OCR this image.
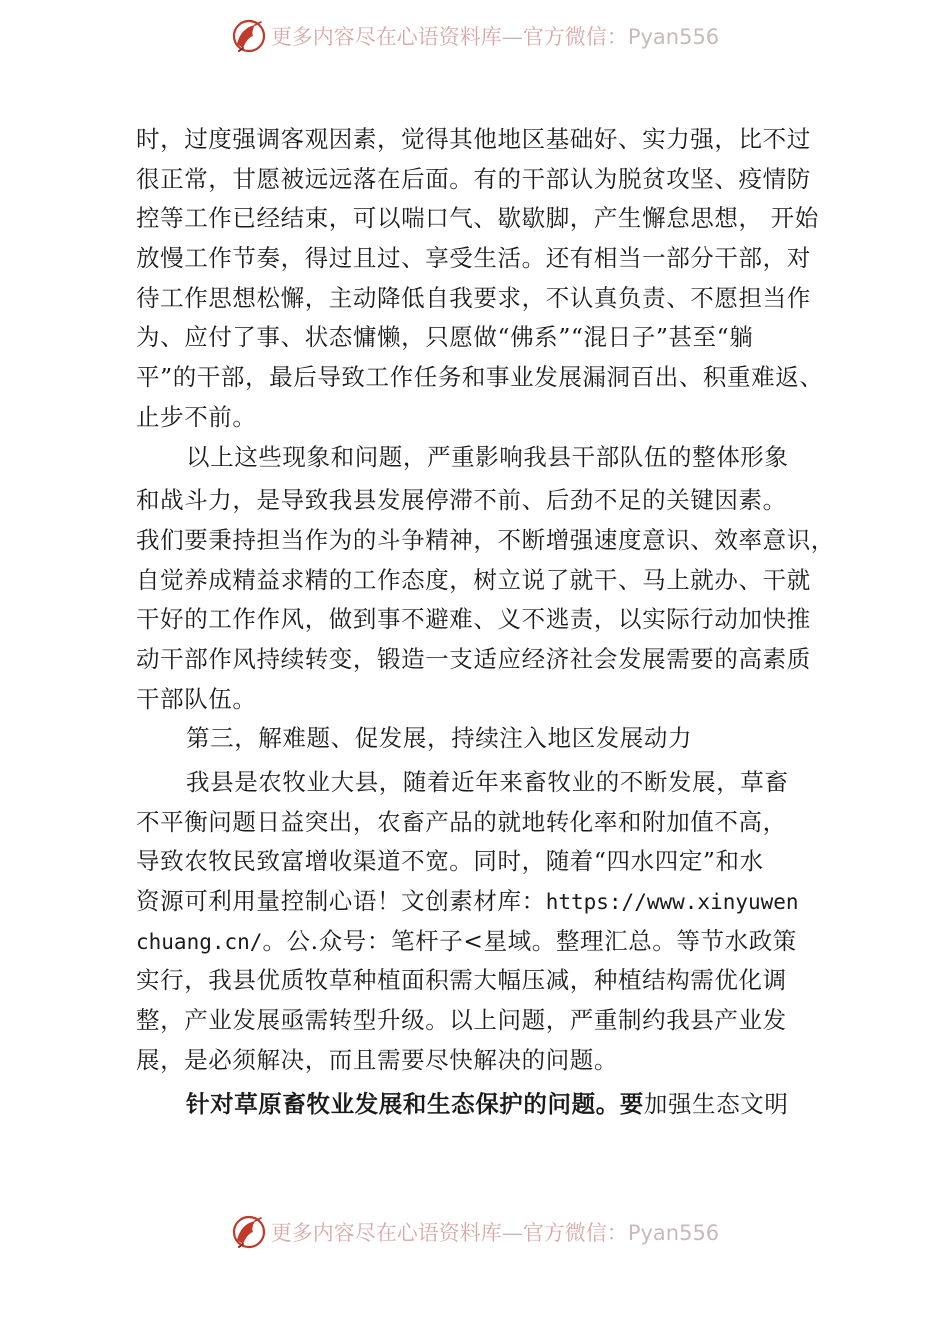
更多内容尽在心语资料库—官方微信：Pyan556
时，过度强调客观因素，觉得其他地区基础好、实力强，比不过
很正常，甘愿被远远落在后面。有的干部认为脱贫攻坚、疫情防
控等工作已经结束，可以喘口气、歇歇脚，产生懈怠思想， 开始
放慢工作节奏，得过且过、享受生活。还有相当一部分干部，对
待工作思想松懈，主动降低自我要求，不认真负责、不愿担当作
为、应付了事、状态慵懒，只愿做“佛系”“混日子”甚至“躺
平”的干部，最后导致工作任务和事业发展漏洞百出、积重难返、
止步不前。
以上这些现象和问题，严重影响我县干部队伍的整体形象
和战斗力，是导致我县发展停滞不前、后劲不足的关键因素。
我们要秉持担当作为的斗争精神，不断增强速度意识、效率意识，
自觉养成精益求精的工作态度，树立说了就干、马上就办、干就
干好的工作作风，做到事不避难、义不逃责，以实际行动加快推
动干部作风持续转变，锻造一支适应经济社会发展需要的高素质
干部队伍。
第三，解难题、促发展，持续注入地区发展动力
我县是农牧业大县，随着近年来畜牧业的不断发展，草畜
不平衡问题日益突出，农畜产品的就地转化率和附加值不高，
导致农牧民致富增收渠道不宽。同时，随着“四水四定”和水
资源可利用量控制心语！文创素材库：https://www.xinyuwen
chuang.cn/。公.众号：笔杆子<星域。整理汇总。等节水政策
实行，我县优质牧草种植面积需大幅压减，种植结构需优化调
整，产业发展亟需转型升级。以上问题，严重制约我县产业发
展，是必须解决，而且需要尽快解决的问题。
针对草原畜牧业发展和生态保护的问题。要加强生态文明
更多内容尽在心语资料库—官方微信：Pyan556
